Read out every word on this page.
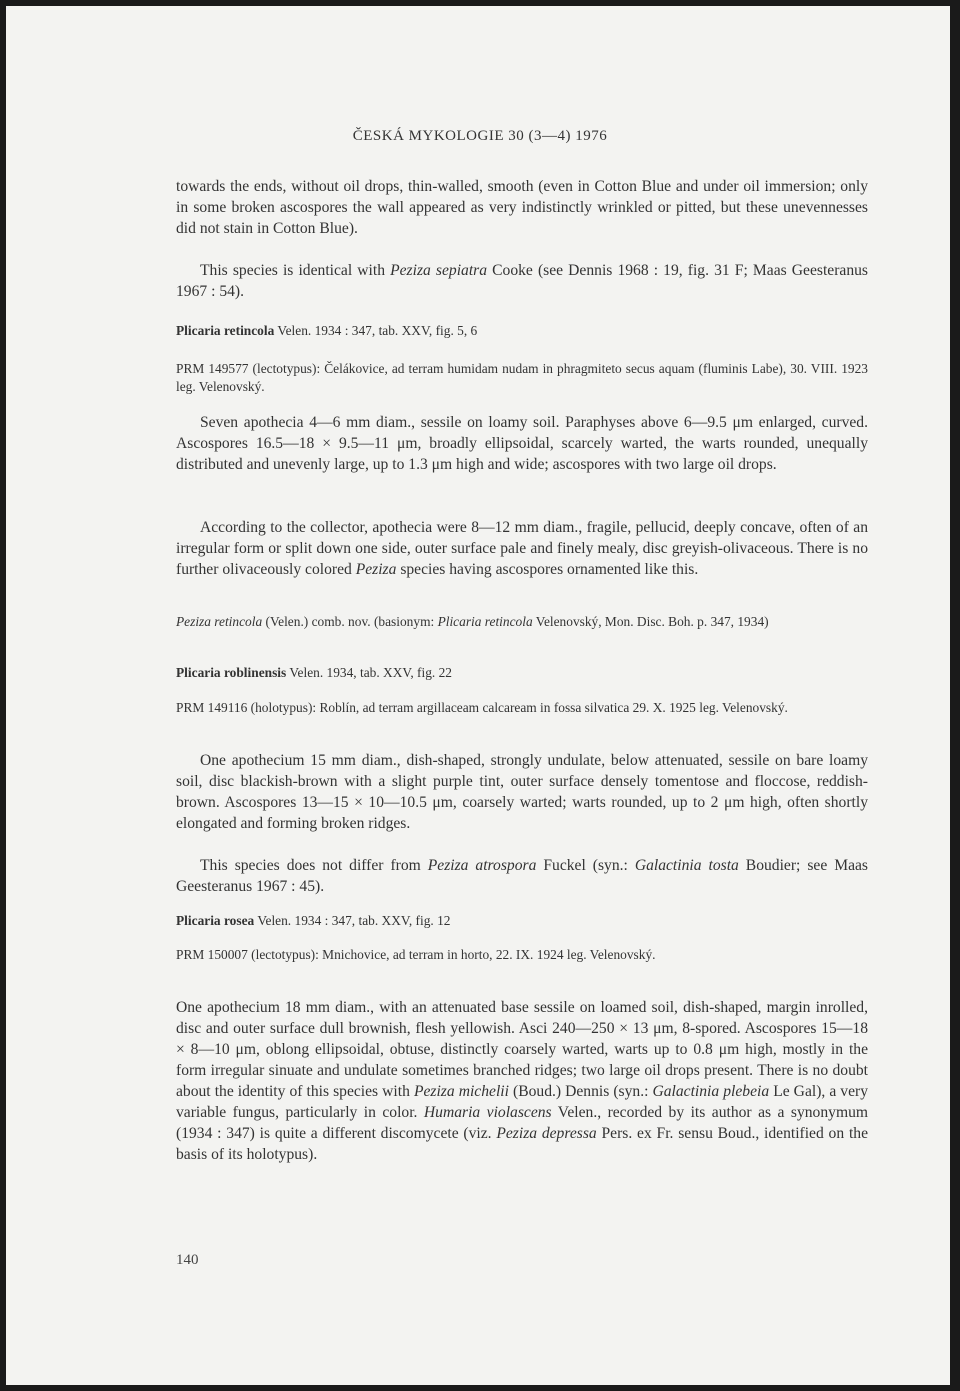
ČESKÁ MYKOLOGIE 30 (3—4) 1976

towards the ends, without oil drops, thin-walled, smooth (even in Cotton Blue and under oil immersion; only in some broken ascospores the wall appeared as very indistinctly wrinkled or pitted, but these unevennesses did not stain in Cotton Blue).

This species is identical with Peziza sepiatra Cooke (see Dennis 1968 : 19, fig. 31 F; Maas Geesteranus 1967 : 54).

Plicaria retincola Velen. 1934 : 347, tab. XXV, fig. 5, 6

PRM 149577 (lectotypus): Čelákovice, ad terram humidam nudam in phragmiteto secus aquam (fluminis Labe), 30. VIII. 1923 leg. Velenovský.

Seven apothecia 4—6 mm diam., sessile on loamy soil. Paraphyses above 6—9.5 μm enlarged, curved. Ascospores 16.5—18 × 9.5—11 μm, broadly ellipsoidal, scarcely warted, the warts rounded, unequally distributed and unevenly large, up to 1.3 μm high and wide; ascospores with two large oil drops.

According to the collector, apothecia were 8—12 mm diam., fragile, pellucid, deeply concave, often of an irregular form or split down one side, outer surface pale and finely mealy, disc greyish-olivaceous. There is no further olivaceously colored Peziza species having ascospores ornamented like this.

Peziza retincola (Velen.) comb. nov. (basionym: Plicaria retincola Velenovský, Mon. Disc. Boh. p. 347, 1934)

Plicaria roblinensis Velen. 1934, tab. XXV, fig. 22

PRM 149116 (holotypus): Roblín, ad terram argillaceam calcaream in fossa silvatica 29. X. 1925 leg. Velenovský.

One apothecium 15 mm diam., dish-shaped, strongly undulate, below attenuated, sessile on bare loamy soil, disc blackish-brown with a slight purple tint, outer surface densely tomentose and floccose, reddish-brown. Ascospores 13—15 × 10—10.5 μm, coarsely warted; warts rounded, up to 2 μm high, often shortly elongated and forming broken ridges.

This species does not differ from Peziza atrospora Fuckel (syn.: Galactinia tosta Boudier; see Maas Geesteranus 1967 : 45).

Plicaria rosea Velen. 1934 : 347, tab. XXV, fig. 12

PRM 150007 (lectotypus): Mnichovice, ad terram in horto, 22. IX. 1924 leg. Velenovský.

One apothecium 18 mm diam., with an attenuated base sessile on loamed soil, dish-shaped, margin inrolled, disc and outer surface dull brownish, flesh yellowish. Asci 240—250 × 13 μm, 8-spored. Ascospores 15—18 × 8—10 μm, oblong ellipsoidal, obtuse, distinctly coarsely warted, warts up to 0.8 μm high, mostly in the form irregular sinuate and undulate sometimes branched ridges; two large oil drops present. There is no doubt about the identity of this species with Peziza michelii (Boud.) Dennis (syn.: Galactinia plebeia Le Gal), a very variable fungus, particularly in color. Humaria violascens Velen., recorded by its author as a synonymum (1934 : 347) is quite a different discomycete (viz. Peziza depressa Pers. ex Fr. sensu Boud., identified on the basis of its holotypus).

140
